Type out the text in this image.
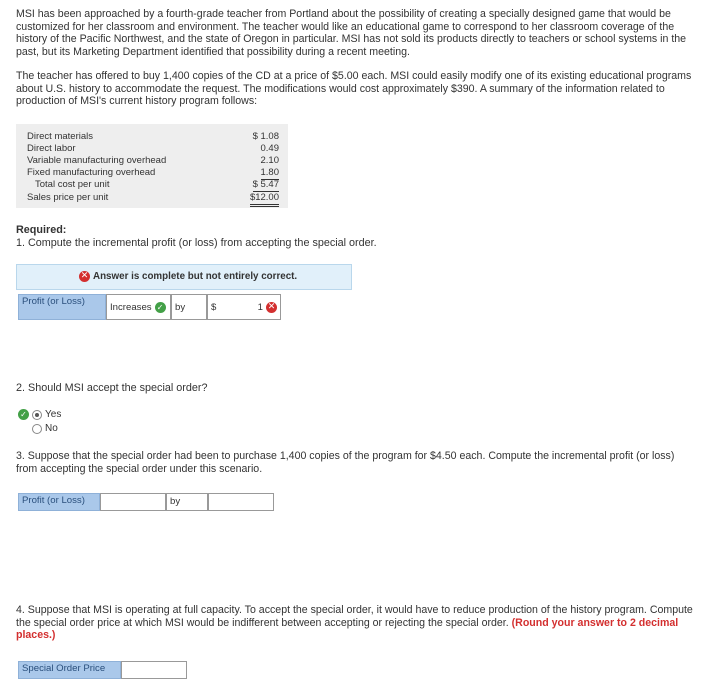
MSI has been approached by a fourth-grade teacher from Portland about the possibility of creating a specially designed game that would be customized for her classroom and environment. The teacher would like an educational game to correspond to her classroom coverage of the history of the Pacific Northwest, and the state of Oregon in particular. MSI has not sold its products directly to teachers or school systems in the past, but its Marketing Department identified that possibility during a recent meeting.

The teacher has offered to buy 1,400 copies of the CD at a price of $5.00 each. MSI could easily modify one of its existing educational programs about U.S. history to accommodate the request. The modifications would cost approximately $390. A summary of the information related to production of MSI's current history program follows:

Direct materials	$ 1.08
Direct labor	0.49
Variable manufacturing overhead	2.10
Fixed manufacturing overhead	1.80
Total cost per unit	$ 5.47
Sales price per unit	$12.00

Required:

1. Compute the incremental profit (or loss) from accepting the special order.

✕ Answer is complete but not entirely correct.
Profit (or Loss)	Increases ✓	by	$	1 ✕

2. Should MSI accept the special order?

✓ Yes
No

3. Suppose that the special order had been to purchase 1,400 copies of the program for $4.50 each. Compute the incremental profit (or loss) from accepting the special order under this scenario.

Profit (or Loss)	by

4. Suppose that MSI is operating at full capacity. To accept the special order, it would have to reduce production of the history program. Compute the special order price at which MSI would be indifferent between accepting or rejecting the special order. (Round your answer to 2 decimal places.)

Special Order Price
